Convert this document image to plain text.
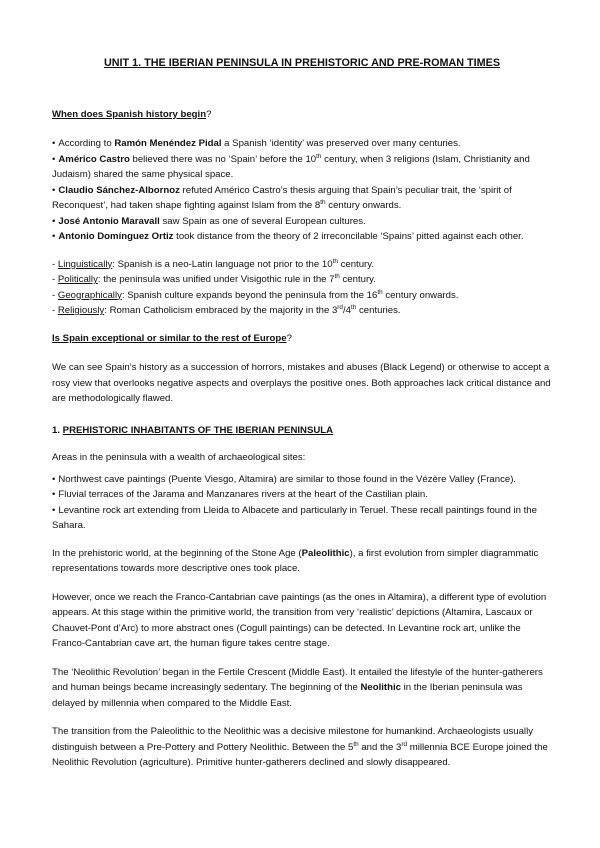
UNIT 1. THE IBERIAN PENINSULA IN PREHISTORIC AND PRE-ROMAN TIMES
When does Spanish history begin?
• According to Ramón Menéndez Pidal a Spanish ‘identity’ was preserved over many centuries.
• Américo Castro believed there was no ‘Spain’ before the 10th century, when 3 religions (Islam, Christianity and Judaism) shared the same physical space.
• Claudio Sánchez-Albornoz refuted Américo Castro’s thesis arguing that Spain’s peculiar trait, the ‘spirit of Reconquest’, had taken shape fighting against Islam from the 8th century onwards.
• José Antonio Maravall saw Spain as one of several European cultures.
• Antonio Domínguez Ortiz took distance from the theory of 2 irreconcilable ‘Spains’ pitted against each other.
- Linguistically: Spanish is a neo-Latin language not prior to the 10th century.
- Politically: the peninsula was unified under Visigothic rule in the 7th century.
- Geographically: Spanish culture expands beyond the peninsula from the 16th century onwards.
- Religiously: Roman Catholicism embraced by the majority in the 3rd/4th centuries.
Is Spain exceptional or similar to the rest of Europe?

We can see Spain’s history as a succession of horrors, mistakes and abuses (Black Legend) or otherwise to accept a rosy view that overlooks negative aspects and overplays the positive ones. Both approaches lack critical distance and are methodologically flawed.

1. PREHISTORIC INHABITANTS OF THE IBERIAN PENINSULA

Areas in the peninsula with a wealth of archaeological sites:

• Northwest cave paintings (Puente Viesgo, Altamira) are similar to those found in the Vézère Valley (France).
• Fluvial terraces of the Jarama and Manzanares rivers at the heart of the Castilian plain.
• Levantine rock art extending from Lleida to Albacete and particularly in Teruel. These recall paintings found in the Sahara.

In the prehistoric world, at the beginning of the Stone Age (Paleolithic), a first evolution from simpler diagrammatic representations towards more descriptive ones took place.

However, once we reach the Franco-Cantabrian cave paintings (as the ones in Altamira), a different type of evolution appears. At this stage within the primitive world, the transition from very ‘realistic’ depictions (Altamira, Lascaux or Chauvet-Pont d’Arc) to more abstract ones (Cogull paintings) can be detected. In Levantine rock art, unlike the Franco-Cantabrian cave art, the human figure takes centre stage.

The ‘Neolithic Revolution’ began in the Fertile Crescent (Middle East). It entailed the lifestyle of the hunter-gatherers and human beings became increasingly sedentary. The beginning of the Neolithic in the Iberian peninsula was delayed by millennia when compared to the Middle East.

The transition from the Paleolithic to the Neolithic was a decisive milestone for humankind. Archaeologists usually distinguish between a Pre-Pottery and Pottery Neolithic. Between the 5th and the 3rd millennia BCE Europe joined the Neolithic Revolution (agriculture). Primitive hunter-gatherers declined and slowly disappeared.
